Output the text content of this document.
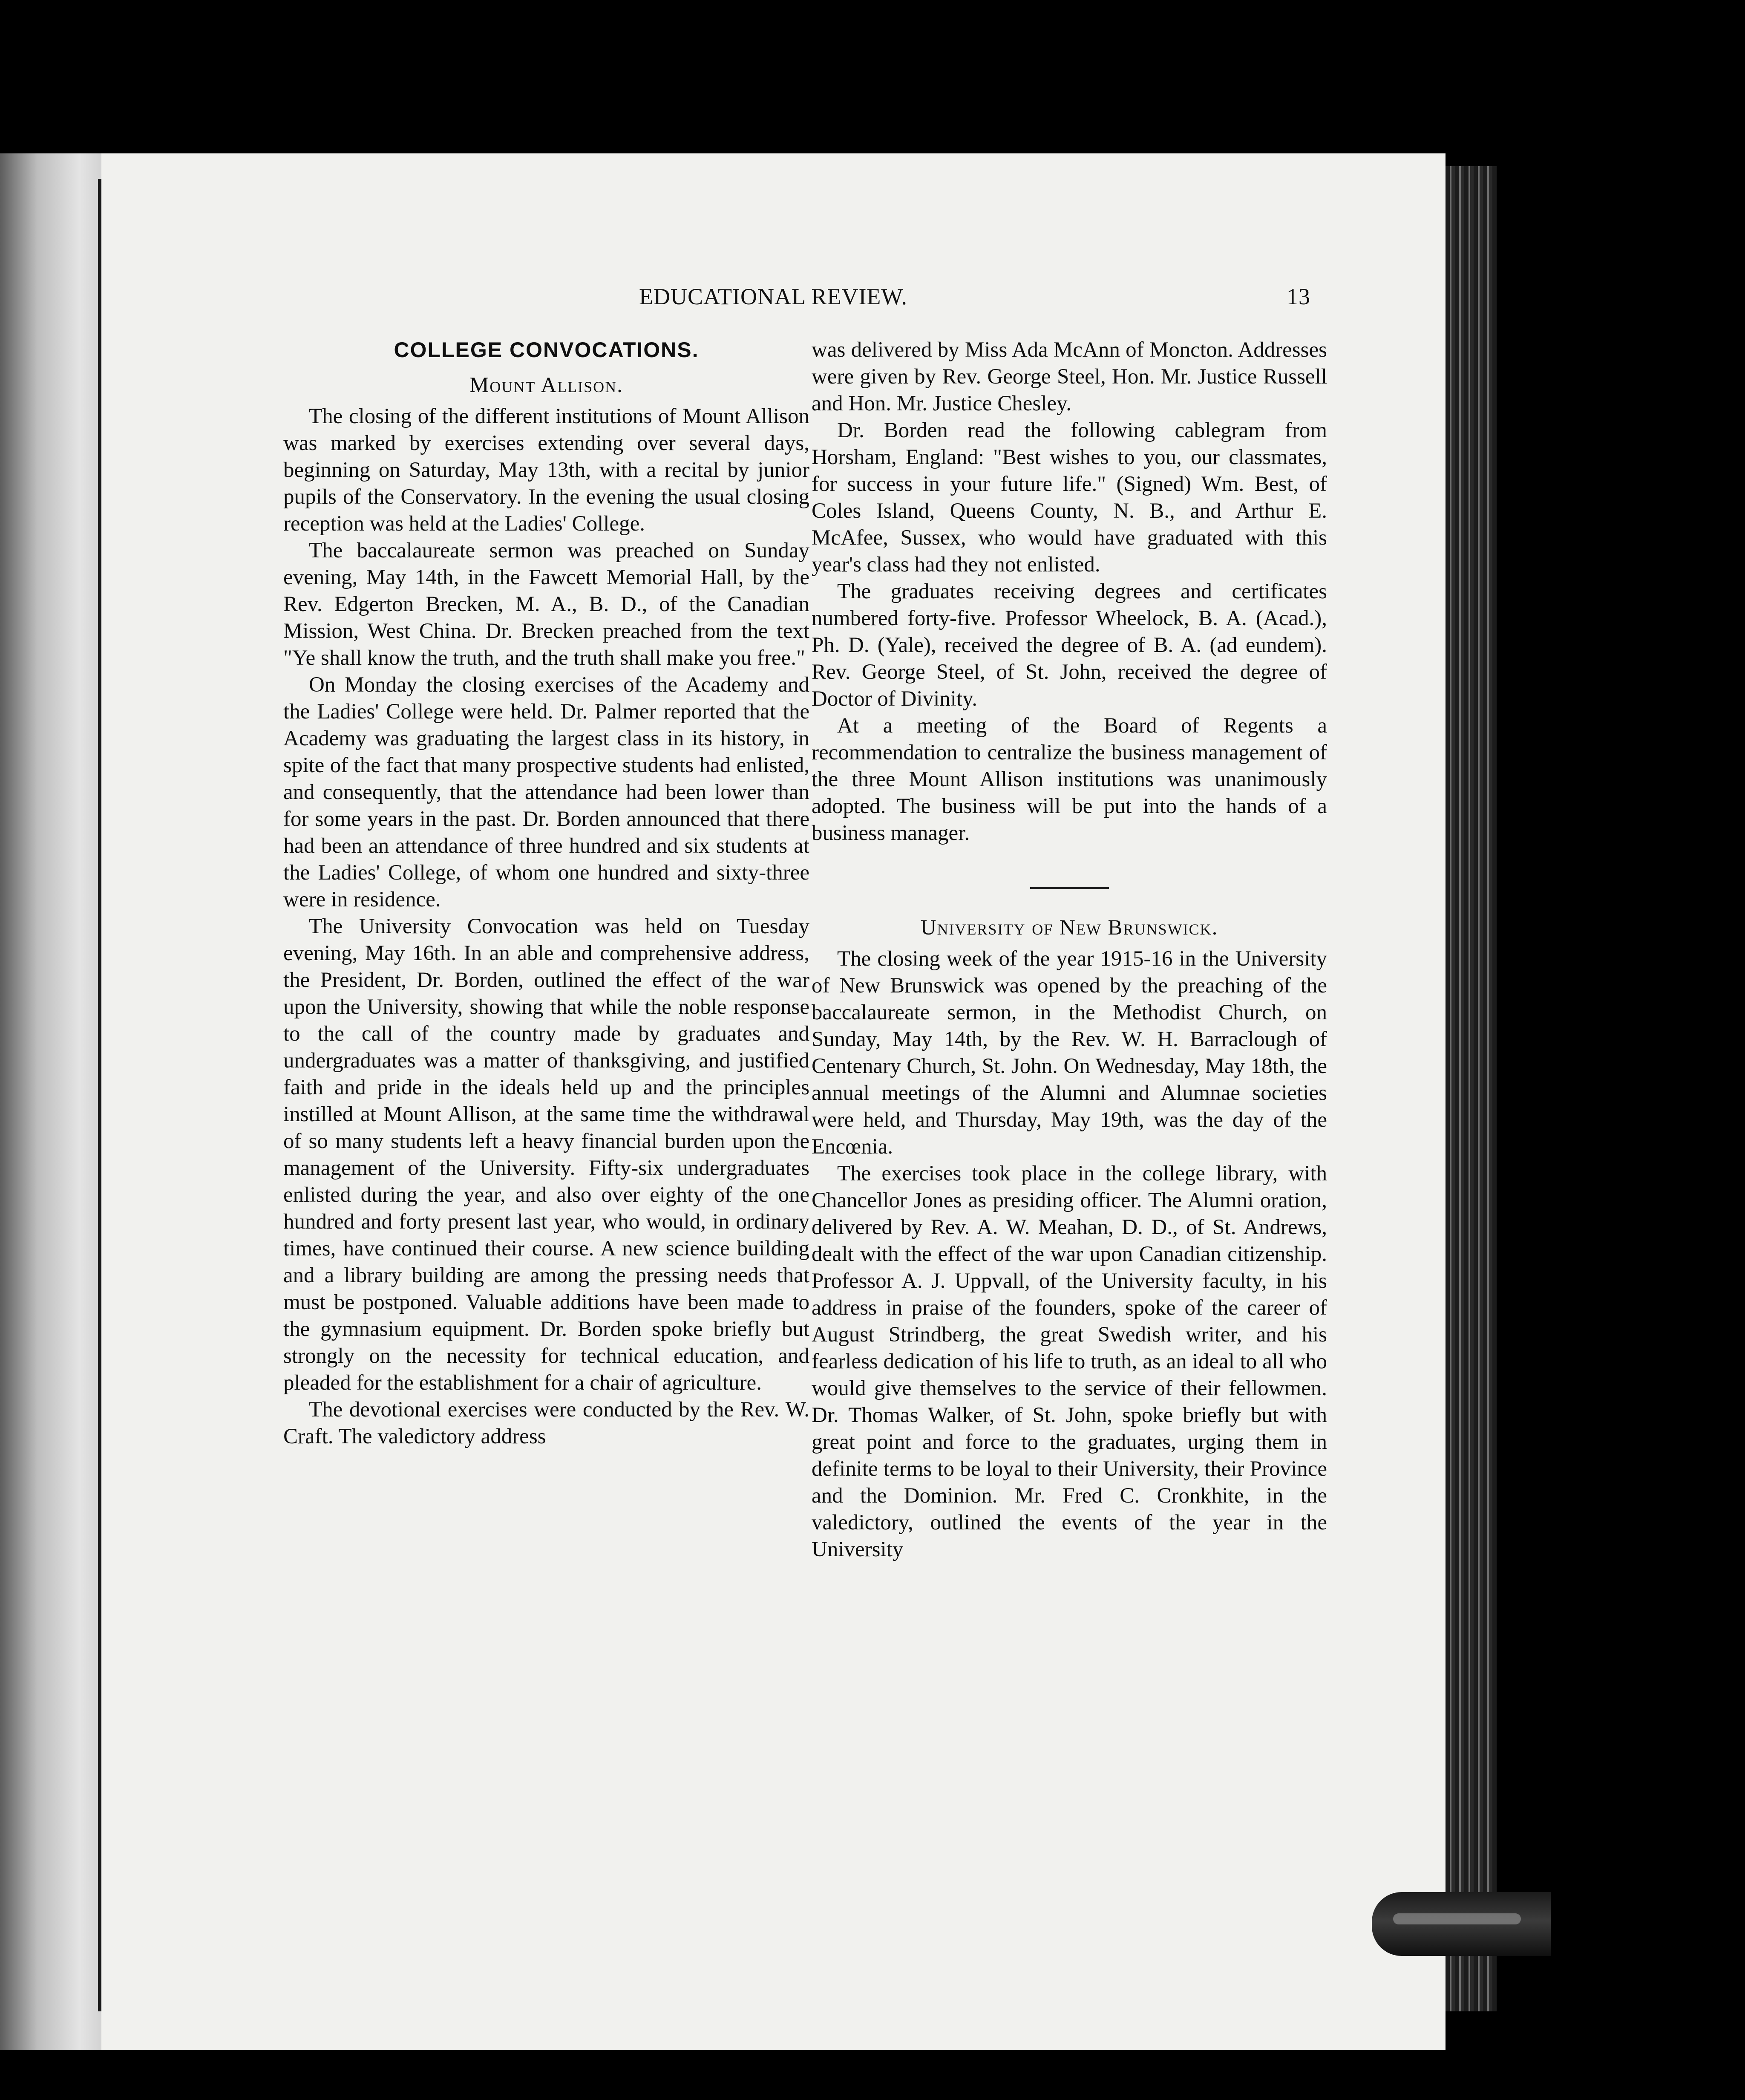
EDUCATIONAL REVIEW.	13
COLLEGE CONVOCATIONS.
Mount Allison.

The closing of the different institutions of Mount Allison was marked by exercises extending over several days, beginning on Saturday, May 13th, with a recital by junior pupils of the Conservatory. In the evening the usual closing reception was held at the Ladies' College.

The baccalaureate sermon was preached on Sunday evening, May 14th, in the Fawcett Memorial Hall, by the Rev. Edgerton Brecken, M. A., B. D., of the Canadian Mission, West China. Dr. Brecken preached from the text "Ye shall know the truth, and the truth shall make you free."

On Monday the closing exercises of the Academy and the Ladies' College were held. Dr. Palmer reported that the Academy was graduating the largest class in its history, in spite of the fact that many prospective students had enlisted, and consequently, that the attendance had been lower than for some years in the past. Dr. Borden announced that there had been an attendance of three hundred and six students at the Ladies' College, of whom one hundred and sixty-three were in residence.

The University Convocation was held on Tuesday evening, May 16th. In an able and comprehensive address, the President, Dr. Borden, outlined the effect of the war upon the University, showing that while the noble response to the call of the country made by graduates and undergraduates was a matter of thanksgiving, and justified faith and pride in the ideals held up and the principles instilled at Mount Allison, at the same time the withdrawal of so many students left a heavy financial burden upon the management of the University. Fifty-six undergraduates enlisted during the year, and also over eighty of the one hundred and forty present last year, who would, in ordinary times, have continued their course. A new science building and a library building are among the pressing needs that must be postponed. Valuable additions have been made to the gymnasium equipment. Dr. Borden spoke briefly but strongly on the necessity for technical education, and pleaded for the establishment for a chair of agriculture.

The devotional exercises were conducted by the Rev. W. Craft. The valedictory address

was delivered by Miss Ada McAnn of Moncton. Addresses were given by Rev. George Steel, Hon. Mr. Justice Russell and Hon. Mr. Justice Chesley.

Dr. Borden read the following cablegram from Horsham, England: "Best wishes to you, our classmates, for success in your future life." (Signed) Wm. Best, of Coles Island, Queens County, N. B., and Arthur E. McAfee, Sussex, who would have graduated with this year's class had they not enlisted.

The graduates receiving degrees and certificates numbered forty-five. Professor Wheelock, B. A. (Acad.), Ph. D. (Yale), received the degree of B. A. (ad eundem). Rev. George Steel, of St. John, received the degree of Doctor of Divinity.

At a meeting of the Board of Regents a recommendation to centralize the business management of the three Mount Allison institutions was unanimously adopted. The business will be put into the hands of a business manager.

University of New Brunswick.

The closing week of the year 1915-16 in the University of New Brunswick was opened by the preaching of the baccalaureate sermon, in the Methodist Church, on Sunday, May 14th, by the Rev. W. H. Barraclough of Centenary Church, St. John. On Wednesday, May 18th, the annual meetings of the Alumni and Alumnae societies were held, and Thursday, May 19th, was the day of the Encœnia.

The exercises took place in the college library, with Chancellor Jones as presiding officer. The Alumni oration, delivered by Rev. A. W. Meahan, D. D., of St. Andrews, dealt with the effect of the war upon Canadian citizenship. Professor A. J. Uppvall, of the University faculty, in his address in praise of the founders, spoke of the career of August Strindberg, the great Swedish writer, and his fearless dedication of his life to truth, as an ideal to all who would give themselves to the service of their fellowmen. Dr. Thomas Walker, of St. John, spoke briefly but with great point and force to the graduates, urging them in definite terms to be loyal to their University, their Province and the Dominion. Mr. Fred C. Cronkhite, in the valedictory, outlined the events of the year in the University
